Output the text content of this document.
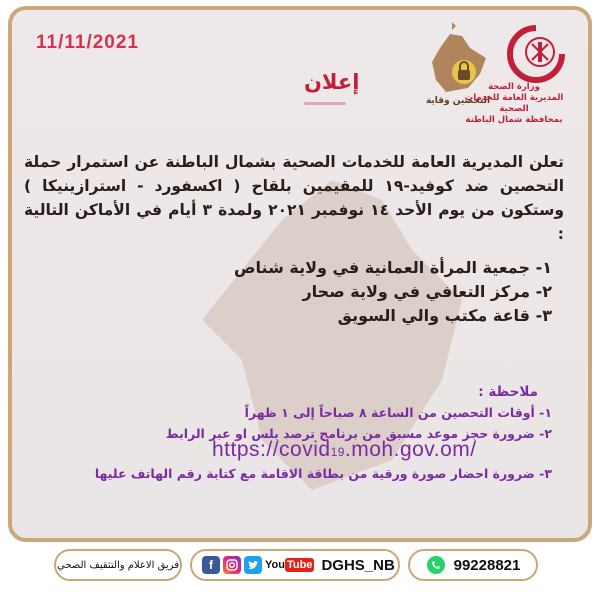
11/11/2021
التحصين وقاية
وزارة الصحة
المديرية العامة للخدمات الصحية
بمحافظة شمال الباطنة
إعلان

تعلن المديرية العامة للخدمات الصحية بشمال الباطنة عن استمرار حملة التحصين ضد كوفيد-١٩ للمقيمين بلقاح ( اكسفورد - استرازينيكا ) وستكون من يوم الأحد ١٤ نوفمبر ٢٠٢١ ولمدة ٣ أيام في الأماكن التالية :

١- جمعية المرأة العمانية في ولاية شناص
٢- مركز التعافي في ولاية صحار
٣- قاعة مكتب والي السويق
ملاحظة :
١- أوقات التحصين من الساعة ٨ صباحاً إلى ١ ظهراً
٢- ضرورة حجز موعد مسبق من برنامج ترصد بلس او عبر الرابط
https://covid19.moh.gov.om/
٣- ضرورة احضار صورة ورقية من بطاقة الاقامة مع كتابة رقم الهاتف عليها
فريق الاعلام والتثقيف الصحي	f	You Tube DGHS_NB	99228821
